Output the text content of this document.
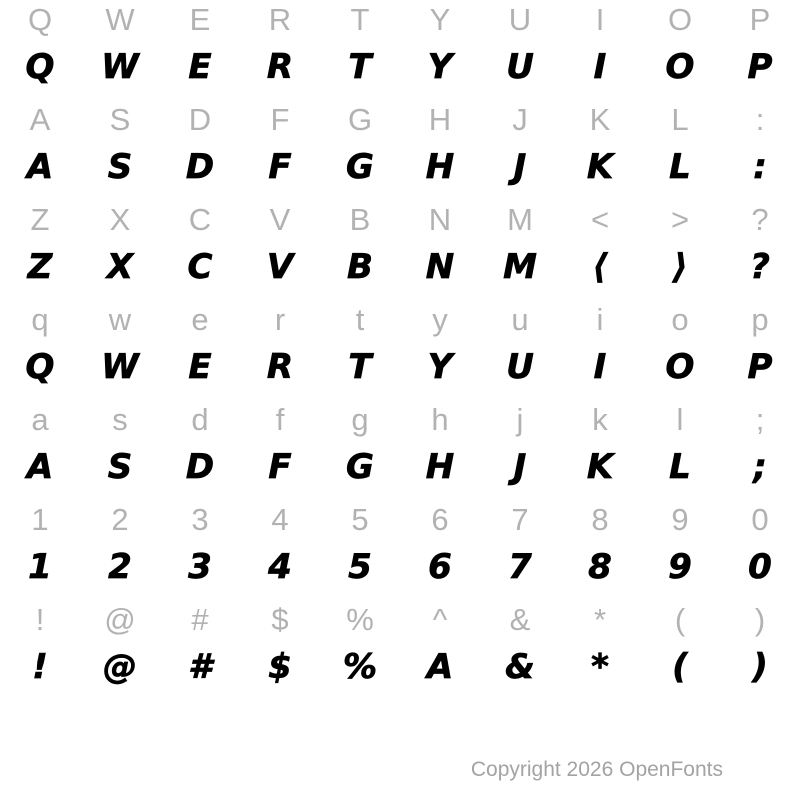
Q W E R T Y U I O P
Q W E R T Y U I O P
A S D F G H J K L :
A S D F G H J K L :
Z X C V B N M < > ?
Z X C V B N M ⟨ ⟩ ?
q w e r t y u i o p
Q W E R T Y U I O P
a s d f g h j k l ;
A S D F G H J K L ;
1 2 3 4 5 6 7 8 9 0
1 2 3 4 5 6 7 8 9 0
! @ # $ % ^ & * ( )
! @ # $ % A & * ( )
Copyright 2026 OpenFonts
